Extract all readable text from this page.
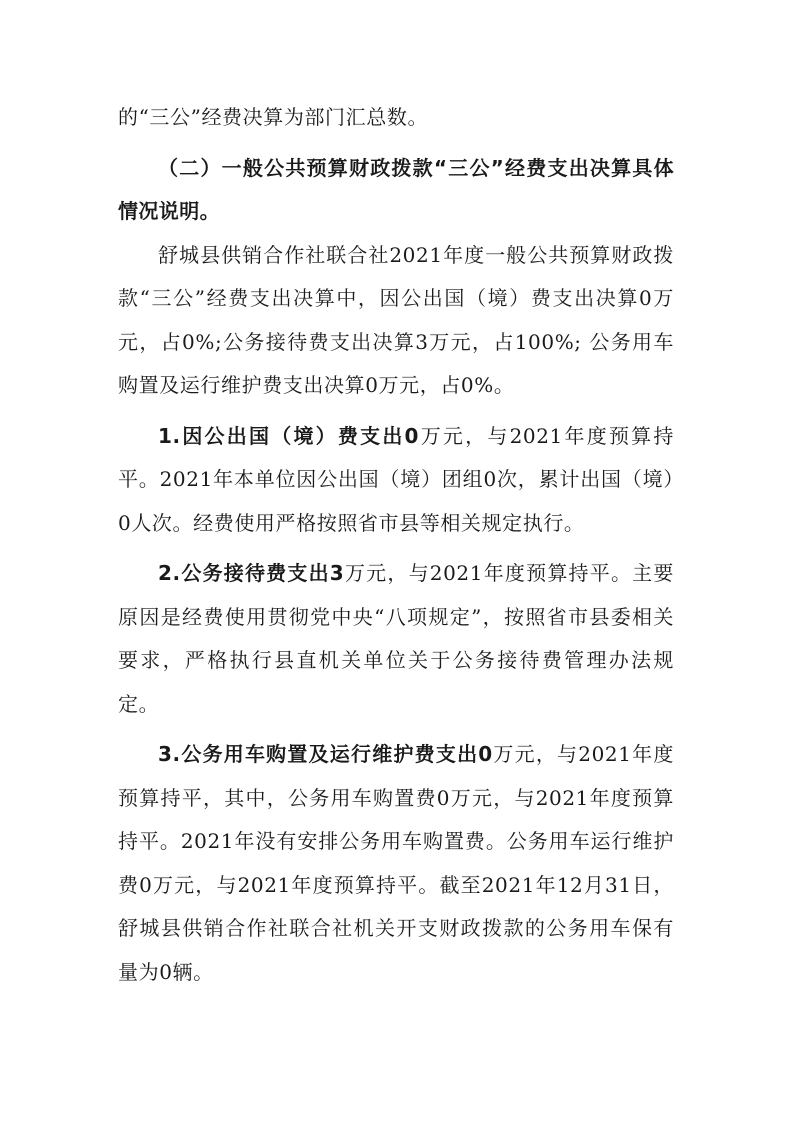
的“三公”经费决算为部门汇总数。

（二）一般公共预算财政拨款“三公”经费支出决算具体情况说明。

舒城县供销合作社联合社2021年度一般公共预算财政拨款“三公”经费支出决算中，因公出国（境）费支出决算0万元，占0%;公务接待费支出决算3万元，占100%; 公务用车购置及运行维护费支出决算0万元，占0%。

1.因公出国（境）费支出0万元，与2021年度预算持平。2021年本单位因公出国（境）团组0次，累计出国（境）0人次。经费使用严格按照省市县等相关规定执行。

2.公务接待费支出3万元，与2021年度预算持平。主要原因是经费使用贯彻党中央“八项规定”，按照省市县委相关要求，严格执行县直机关单位关于公务接待费管理办法规定。

3.公务用车购置及运行维护费支出0万元，与2021年度预算持平，其中，公务用车购置费0万元，与2021年度预算持平。2021年没有安排公务用车购置费。公务用车运行维护费0万元，与2021年度预算持平。截至2021年12月31日，舒城县供销合作社联合社机关开支财政拨款的公务用车保有量为0辆。
